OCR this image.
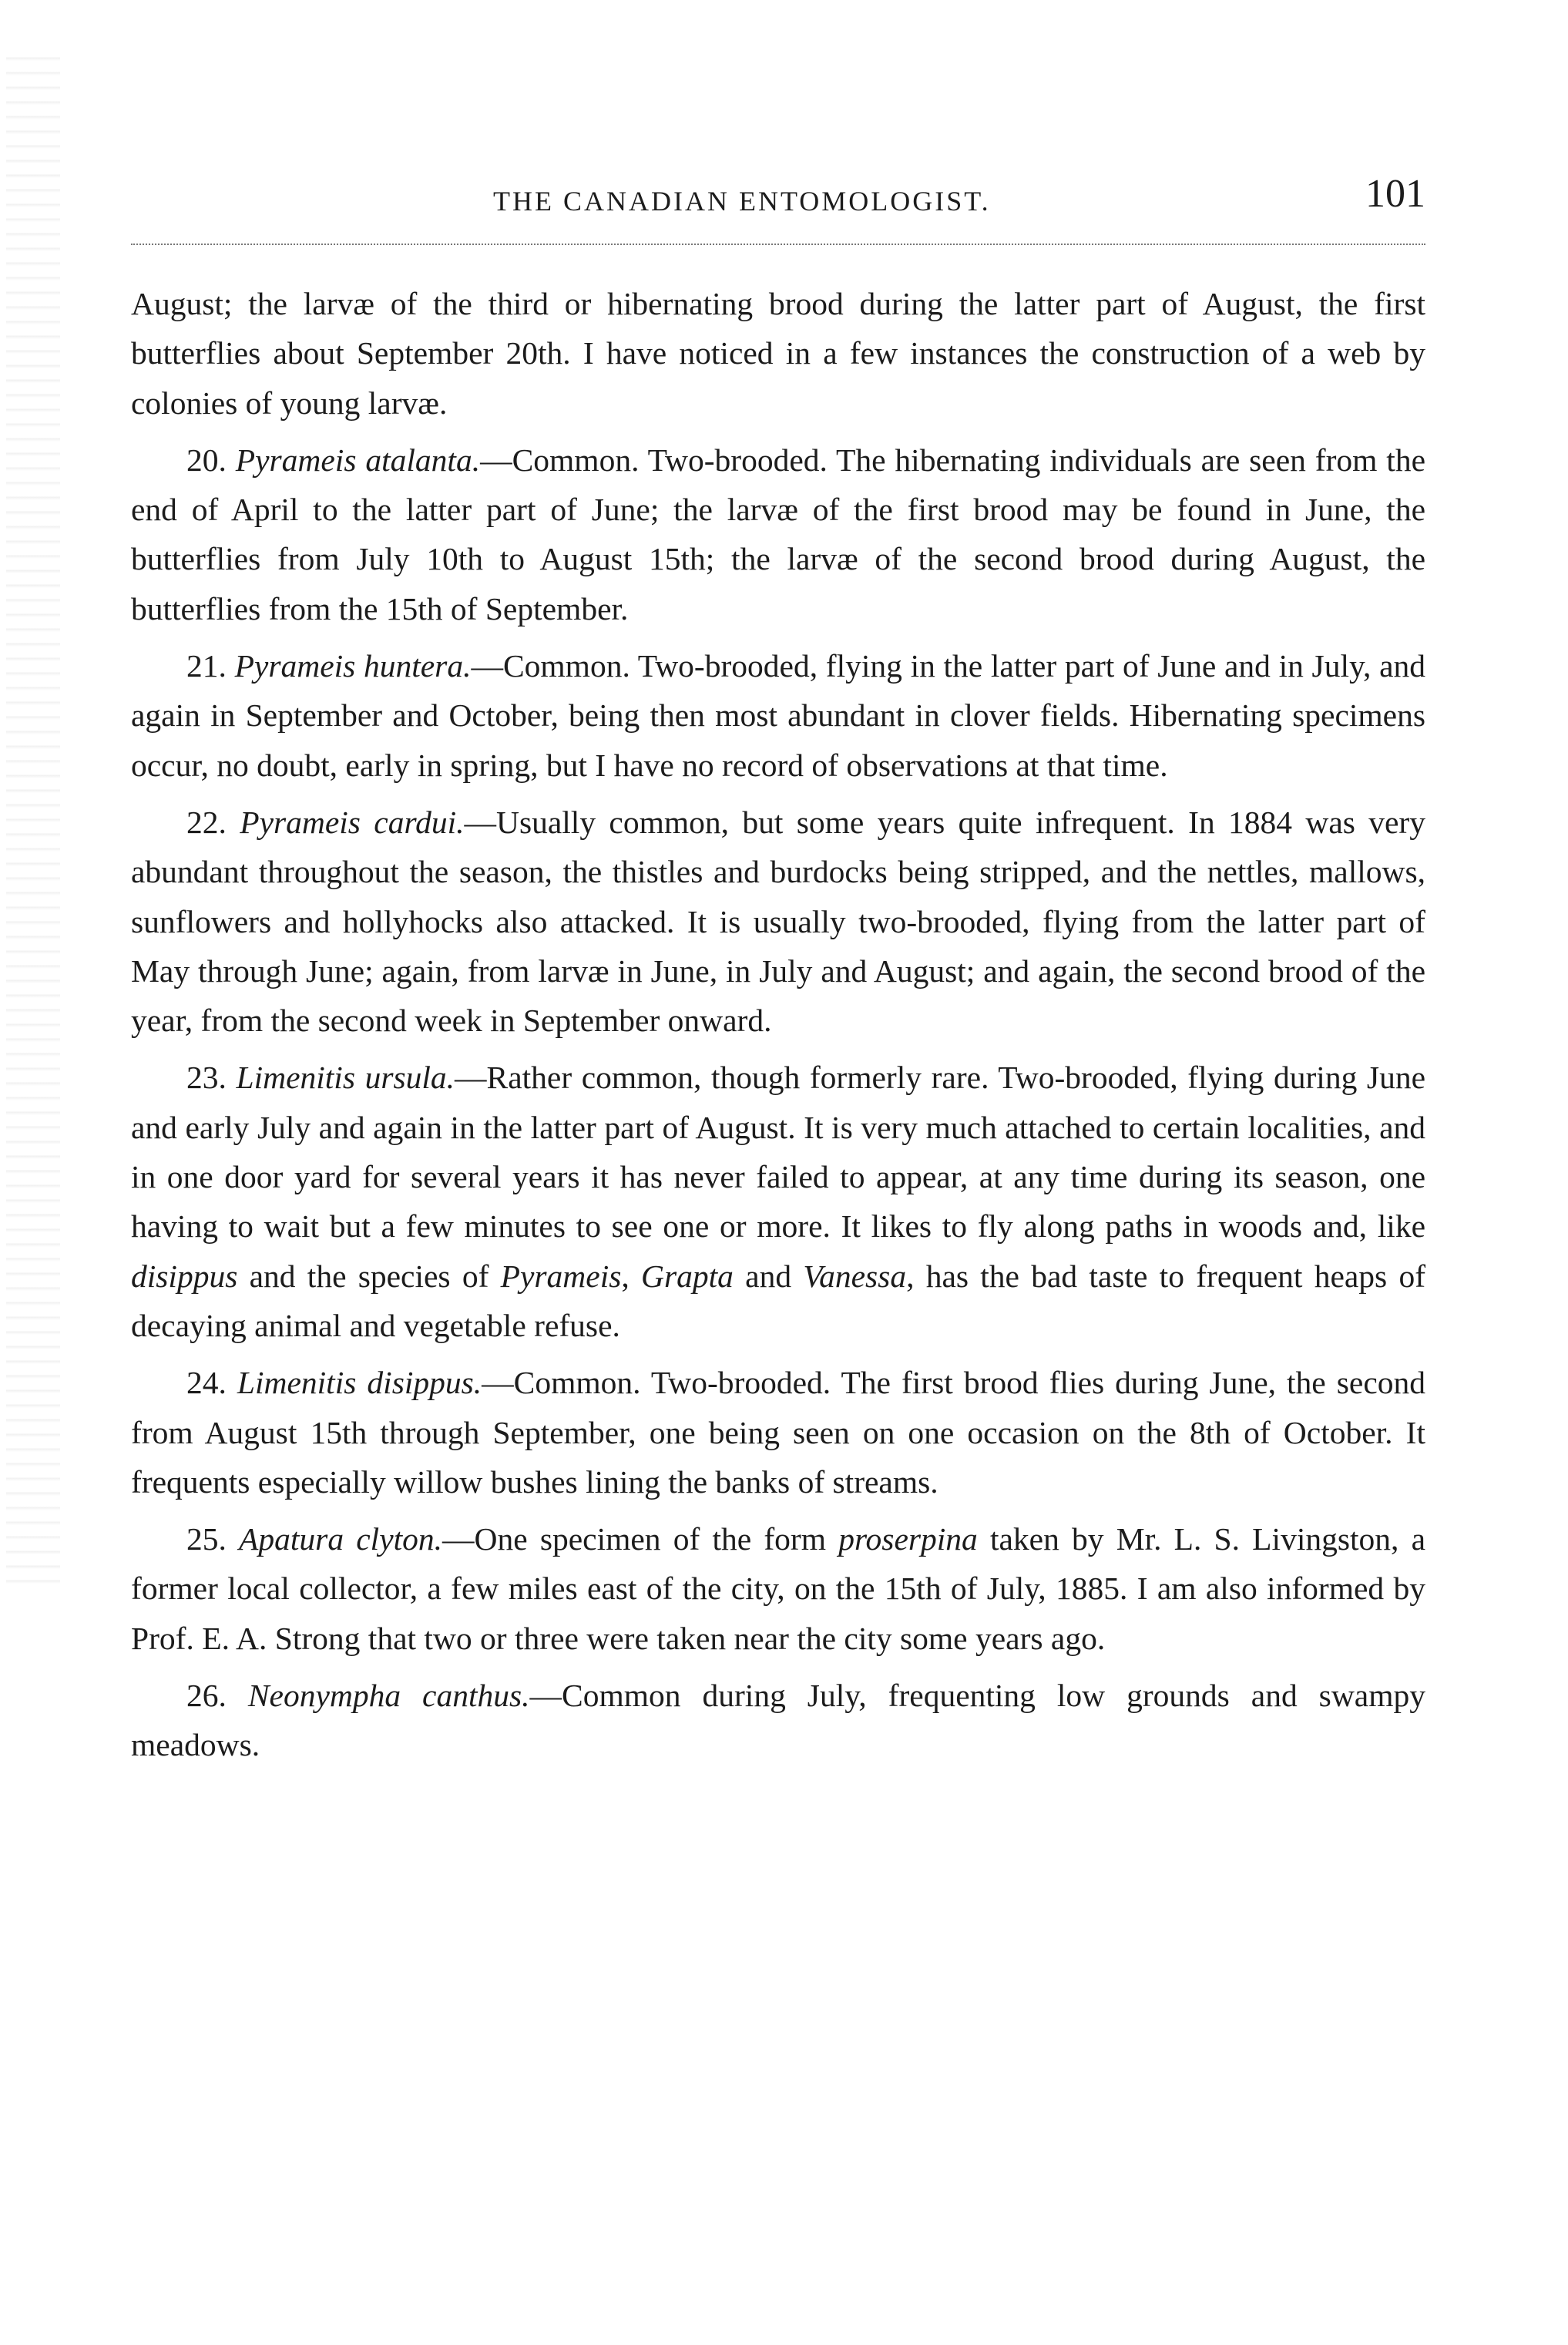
THE CANADIAN ENTOMOLOGIST.	101

August; the larvæ of the third or hibernating brood during the latter part of August, the first butterflies about September 20th. I have noticed in a few instances the construction of a web by colonies of young larvæ.

20. Pyrameis atalanta.—Common. Two-brooded. The hibernating individuals are seen from the end of April to the latter part of June; the larvæ of the first brood may be found in June, the butterflies from July 10th to August 15th; the larvæ of the second brood during August, the butterflies from the 15th of September.

21. Pyrameis huntera.—Common. Two-brooded, flying in the latter part of June and in July, and again in September and October, being then most abundant in clover fields. Hibernating specimens occur, no doubt, early in spring, but I have no record of observations at that time.

22. Pyrameis cardui.—Usually common, but some years quite infrequent. In 1884 was very abundant throughout the season, the thistles and burdocks being stripped, and the nettles, mallows, sunflowers and hollyhocks also attacked. It is usually two-brooded, flying from the latter part of May through June; again, from larvæ in June, in July and August; and again, the second brood of the year, from the second week in September onward.

23. Limenitis ursula.—Rather common, though formerly rare. Two-brooded, flying during June and early July and again in the latter part of August. It is very much attached to certain localities, and in one door yard for several years it has never failed to appear, at any time during its season, one having to wait but a few minutes to see one or more. It likes to fly along paths in woods and, like disippus and the species of Pyrameis, Grapta and Vanessa, has the bad taste to frequent heaps of decaying animal and vegetable refuse.

24. Limenitis disippus.—Common. Two-brooded. The first brood flies during June, the second from August 15th through September, one being seen on one occasion on the 8th of October. It frequents especially willow bushes lining the banks of streams.

25. Apatura clyton.—One specimen of the form proserpina taken by Mr. L. S. Livingston, a former local collector, a few miles east of the city, on the 15th of July, 1885. I am also informed by Prof. E. A. Strong that two or three were taken near the city some years ago.

26. Neonympha canthus.—Common during July, frequenting low grounds and swampy meadows.
